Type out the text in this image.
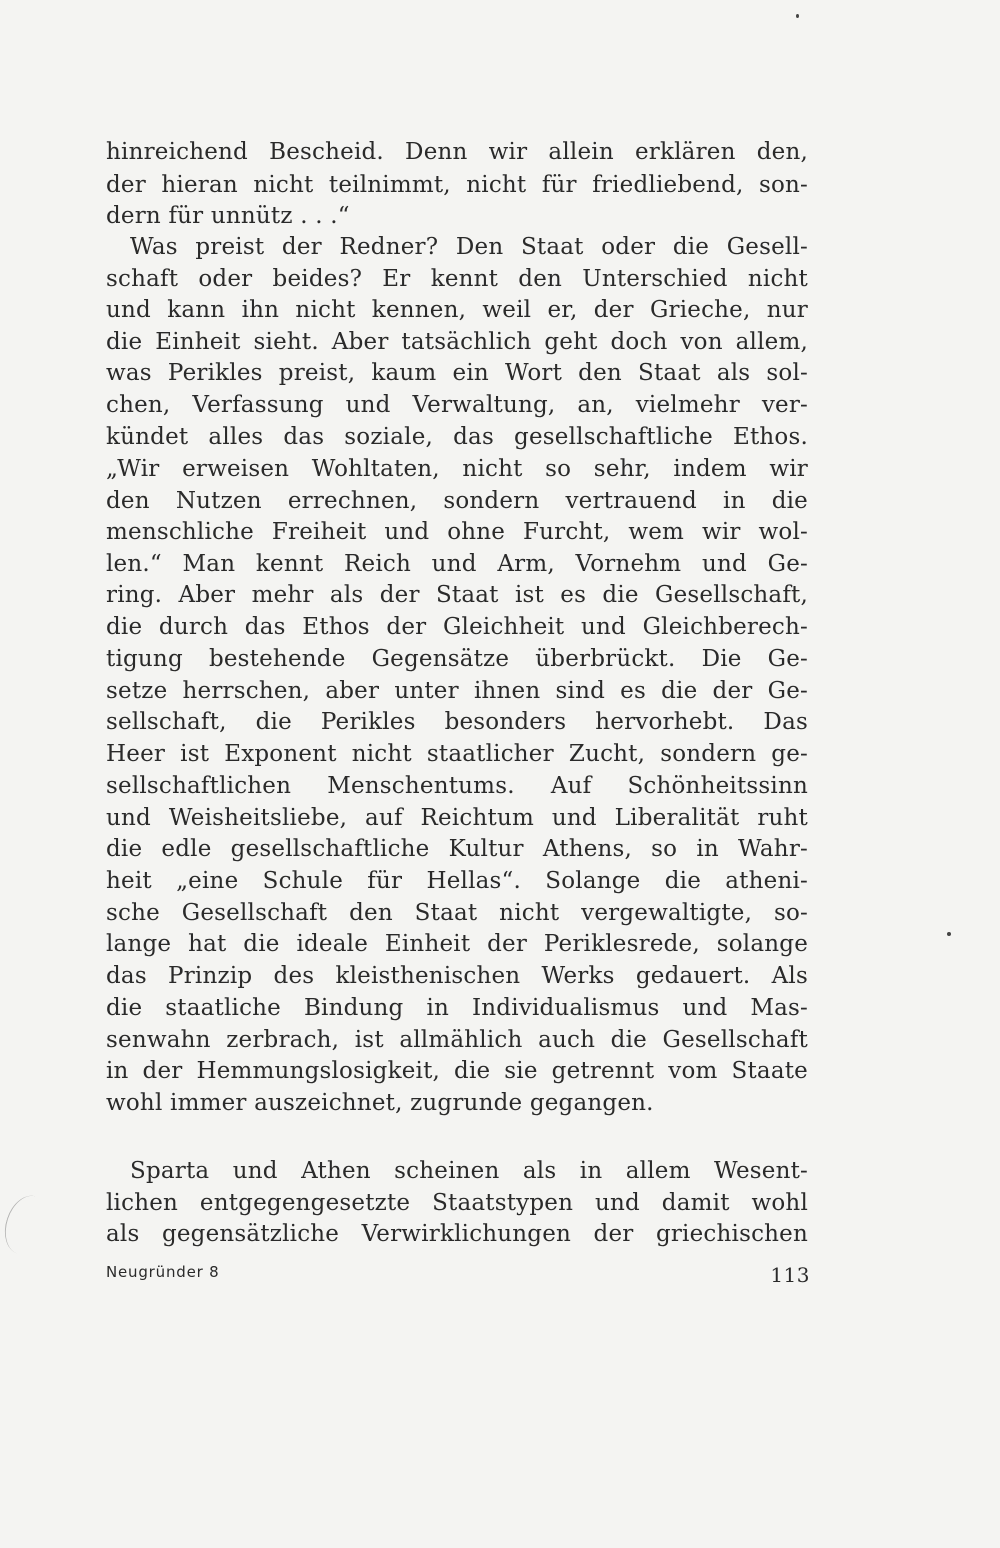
hinreichend Bescheid. Denn wir allein erklären den,
der hieran nicht teilnimmt, nicht für friedliebend, son-
dern für unnütz . . .“
Was preist der Redner? Den Staat oder die Gesell-
schaft oder beides? Er kennt den Unterschied nicht
und kann ihn nicht kennen, weil er, der Grieche, nur
die Einheit sieht. Aber tatsächlich geht doch von allem,
was Perikles preist, kaum ein Wort den Staat als sol-
chen, Verfassung und Verwaltung, an, vielmehr ver-
kündet alles das soziale, das gesellschaftliche Ethos.
„Wir erweisen Wohltaten, nicht so sehr, indem wir
den Nutzen errechnen, sondern vertrauend in die
menschliche Freiheit und ohne Furcht, wem wir wol-
len.“ Man kennt Reich und Arm, Vornehm und Ge-
ring. Aber mehr als der Staat ist es die Gesellschaft,
die durch das Ethos der Gleichheit und Gleichberech-
tigung bestehende Gegensätze überbrückt. Die Ge-
setze herrschen, aber unter ihnen sind es die der Ge-
sellschaft, die Perikles besonders hervorhebt. Das
Heer ist Exponent nicht staatlicher Zucht, sondern ge-
sellschaftlichen Menschentums. Auf Schönheitssinn
und Weisheitsliebe, auf Reichtum und Liberalität ruht
die edle gesellschaftliche Kultur Athens, so in Wahr-
heit „eine Schule für Hellas“. Solange die atheni-
sche Gesellschaft den Staat nicht vergewaltigte, so-
lange hat die ideale Einheit der Periklesrede, solange
das Prinzip des kleisthenischen Werks gedauert. Als
die staatliche Bindung in Individualismus und Mas-
senwahn zerbrach, ist allmählich auch die Gesellschaft
in der Hemmungslosigkeit, die sie getrennt vom Staate
wohl immer auszeichnet, zugrunde gegangen.
Sparta und Athen scheinen als in allem Wesent-
lichen entgegengesetzte Staatstypen und damit wohl
als gegensätzliche Verwirklichungen der griechischen
Neugründer 8	113
